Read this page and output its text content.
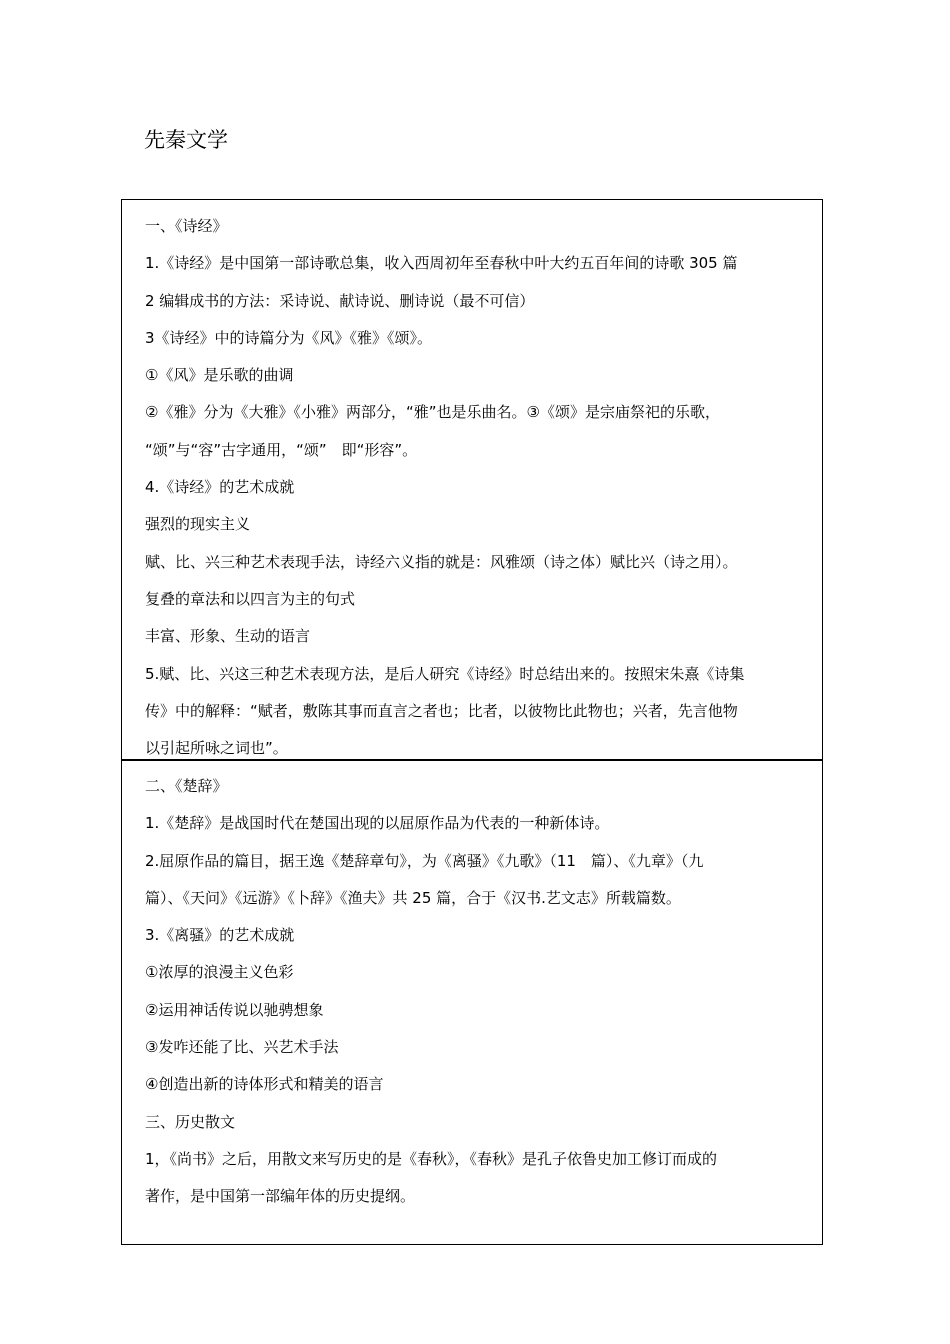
先秦文学
一、《诗经》
1.《诗经》是中国第一部诗歌总集，收入西周初年至春秋中叶大约五百年间的诗歌 305 篇
2 编辑成书的方法：采诗说、献诗说、删诗说（最不可信）
3《诗经》中的诗篇分为《风》《雅》《颂》。
①《风》是乐歌的曲调
②《雅》分为《大雅》《小雅》两部分，“雅”也是乐曲名。③《颂》是宗庙祭祀的乐歌，
“颂”与“容”古字通用，“颂”　即“形容”。
4.《诗经》的艺术成就
强烈的现实主义
赋、比、兴三种艺术表现手法，诗经六义指的就是：风雅颂（诗之体）赋比兴（诗之用）。
复叠的章法和以四言为主的句式
丰富、形象、生动的语言
5.赋、比、兴这三种艺术表现方法，是后人研究《诗经》时总结出来的。按照宋朱熹《诗集
传》中的解释：“赋者，敷陈其事而直言之者也；比者，以彼物比此物也；兴者，先言他物
以引起所咏之词也”。
二、《楚辞》
1.《楚辞》是战国时代在楚国出现的以屈原作品为代表的一种新体诗。
2.屈原作品的篇目，据王逸《楚辞章句》，为《离骚》《九歌》（11　篇）、《九章》（九
篇）、《天问》《远游》《卜辞》《渔夫》共 25 篇，合于《汉书.艺文志》所载篇数。
3.《离骚》的艺术成就
①浓厚的浪漫主义色彩
②运用神话传说以驰骋想象
③发咋还能了比、兴艺术手法
④创造出新的诗体形式和精美的语言
三、历史散文
1，《尚书》之后，用散文来写历史的是《春秋》，《春秋》是孔子依鲁史加工修订而成的
著作，是中国第一部编年体的历史提纲。
